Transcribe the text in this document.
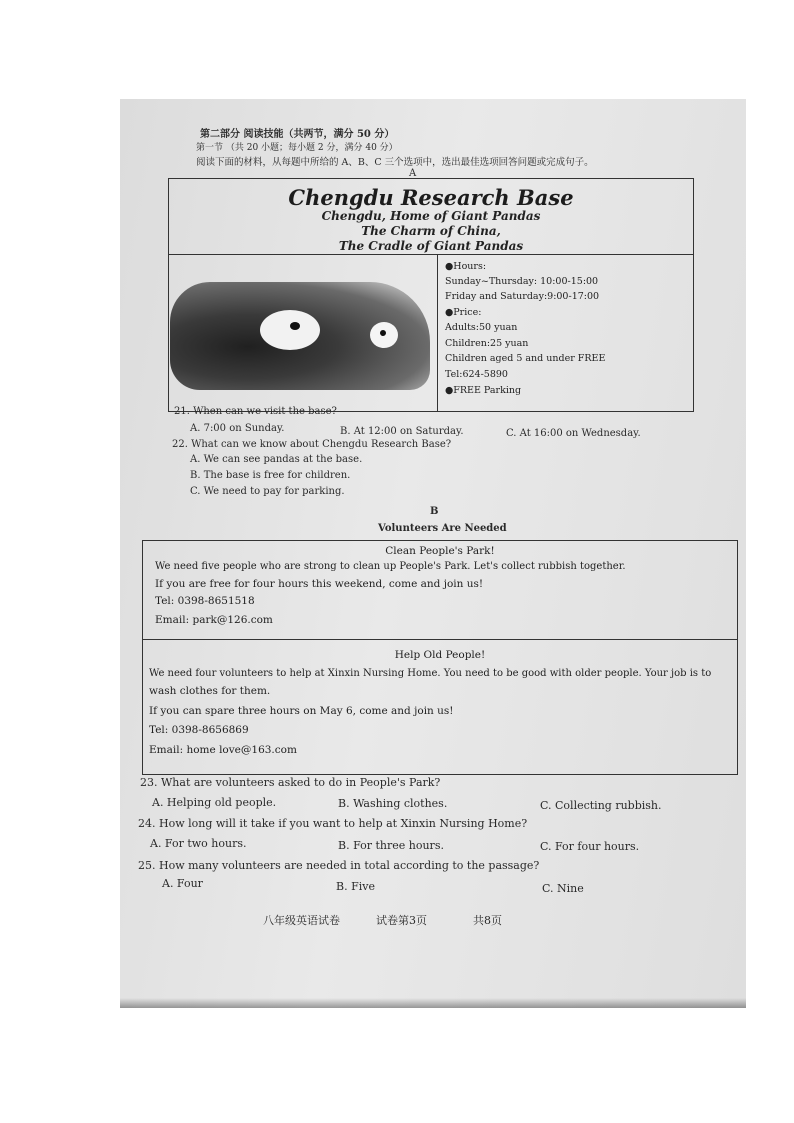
第二部分 阅读技能（共两节，满分 50 分）
第一节 （共 20 小题；每小题 2 分，满分 40 分）
阅读下面的材料，从每题中所给的 A、B、C 三个选项中，选出最佳选项回答问题或完成句子。
A
Chengdu Research Base
Chengdu, Home of Giant Pandas
The Charm of China,
The Cradle of Giant Pandas
●Hours:
Sunday~Thursday: 10:00-15:00
Friday and Saturday:9:00-17:00
●Price:
Adults:50 yuan
Children:25 yuan
Children aged 5 and under FREE
Tel:624-5890
●FREE Parking
21. When can we visit the base?
A. 7:00 on Sunday.	B. At 12:00 on Saturday.	C. At 16:00 on Wednesday.
22. What can we know about Chengdu Research Base?
A. We can see pandas at the base.
B. The base is free for children.
C. We need to pay for parking.
B
Volunteers Are Needed
Clean People's Park!
We need five people who are strong to clean up People's Park. Let's collect rubbish together.
If you are free for four hours this weekend, come and join us!
Tel: 0398-8651518
Email: park@126.com
Help Old People!
We need four volunteers to help at Xinxin Nursing Home. You need to be good with older people. Your job is to
wash clothes for them.
If you can spare three hours on May 6, come and join us!
Tel: 0398-8656869
Email: home love@163.com
23. What are volunteers asked to do in People's Park?
A. Helping old people.	B. Washing clothes.	C. Collecting rubbish.
24. How long will it take if you want to help at Xinxin Nursing Home?
A. For two hours.	B. For three hours.	C. For four hours.
25. How many volunteers are needed in total according to the passage?
A. Four	B. Five	C. Nine
八年级英语试卷	试卷第3页	共8页
